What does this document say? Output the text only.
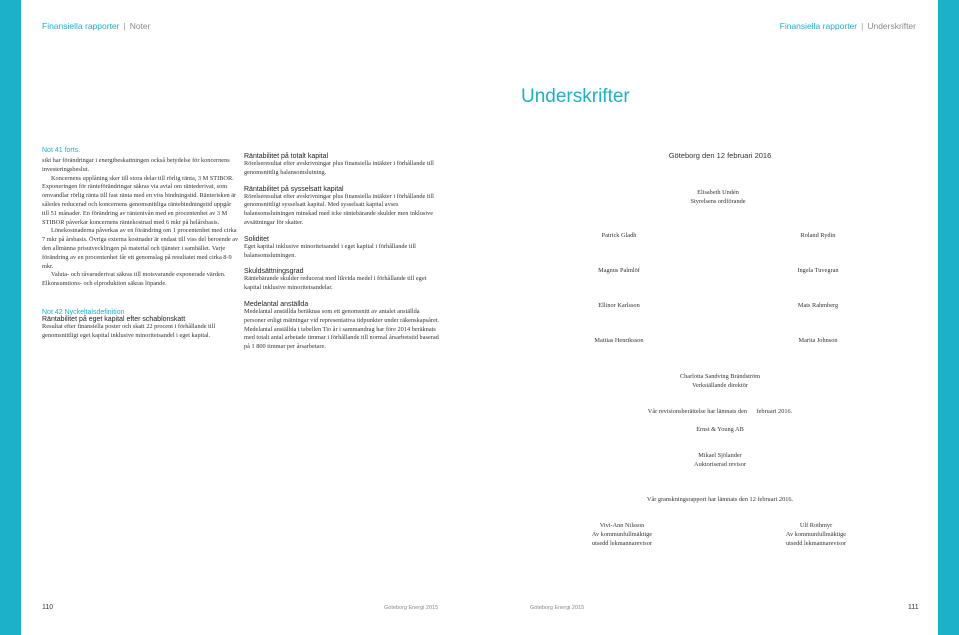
Finansiella rapporter | Noter	Finansiella rapporter | Underskrifter
Underskrifter
Not 41 forts.

sikt har förändringar i energibeskattningen också betydelse för koncernens investeringsbeslut.

Koncernens upplåning sker till stora delar till rörlig ränta, 3 M STIBOR. Exponeringen för ränteförändringar säkras via avtal om räntederivat, som omvandlar rörlig ränta till fast ränta med en viss bindningstid. Ränterisken är således reducerad och koncernens genomsnittliga räntebindningstid uppgår till 51 månader. En förändring av räntenivån med en procentenhet av 3 M STIBOR påverkar koncernens räntekostnad med 6 mkr på helårsbasis.

Lönekostnaderna påverkas av en förändring om 1 procentenhet med cirka 7 mkr på årsbasis. Övriga externa kostnader är endast till viss del beroende av den allmänna prisutvecklingen på material och tjänster i samhället. Varje förändring av en procentenhet får ett genomslag på resultatet med cirka 8-9 mkr.

Valuta- och råvaruderivat säkras till motsvarande exponerade värden. Elkonsumtions- och elproduktion säkras löpande.

Not 42 Nyckeltalsdefinition
Räntabilitet på eget kapital efter schablonskatt
Resultat efter finansiella poster och skatt 22 procent i förhållande till genomsnittligt eget kapital inklusive minoritetsandel i eget kapital.
Räntabilitet på totalt kapital
Rörelseresultat efter avskrivningar plus finansiella intäkter i förhållande till genomsnittlig balansomslutning.
Räntabilitet på sysselsatt kapital
Rörelseresultat efter avskrivningar plus finansiella intäkter i förhållande till genomsnittligt sysselsatt kapital. Med sysselsatt kapital avses balansomslutningen minskad med icke räntebärande skulder men inklusive avsättningar för skatter.
Soliditet
Eget kapital inklusive minoritetsandel i eget kapital i förhållande till balansomslutningen.
Skuldsättningsgrad
Räntebärande skulder reducerat med likvida medel i förhållande till eget kapital inklusive minoritetsandelar.
Medelantal anställda
Medelantal anställda beräknas som ett genomsnitt av antalet anställda personer enligt mätningar vid representativa tidpunkter under räkenskapsåret. Medelantal anställda i tabellen Tio år i sammandrag har före 2014 beräknats med totalt antal arbetade timmar i förhållande till normal årsarbetstid baserad på 1 800 timmar per årsarbetare.
Göteborg den 12 februari 2016
Elisabeth Undén
Styrelsens ordförande
Patrick Gladh	Roland Rydin
Magnus Palmlöf	Ingela Tuvegran
Ellinor Karlsson	Mats Rahmberg
Mattias Henriksson	Marita Johnson
Charlotta Sandving Brändström
Verkställande direktör
Vår revisionsberättelse har lämnats den      februari 2016.
Ernst & Young AB
Mikael Sjölander
Auktoriserad revisor
Vår granskningsrapport har lämnats den 12 februari 2016.
Vivi-Ann Nilsson
Av kommunfullmäktige
utsedd lekmannarevisor
Ulf Rothmyr
Av kommunfullmäktige
utsedd lekmannarevisor
110	Göteborg Energi 2015	Göteborg Energi 2015	111
